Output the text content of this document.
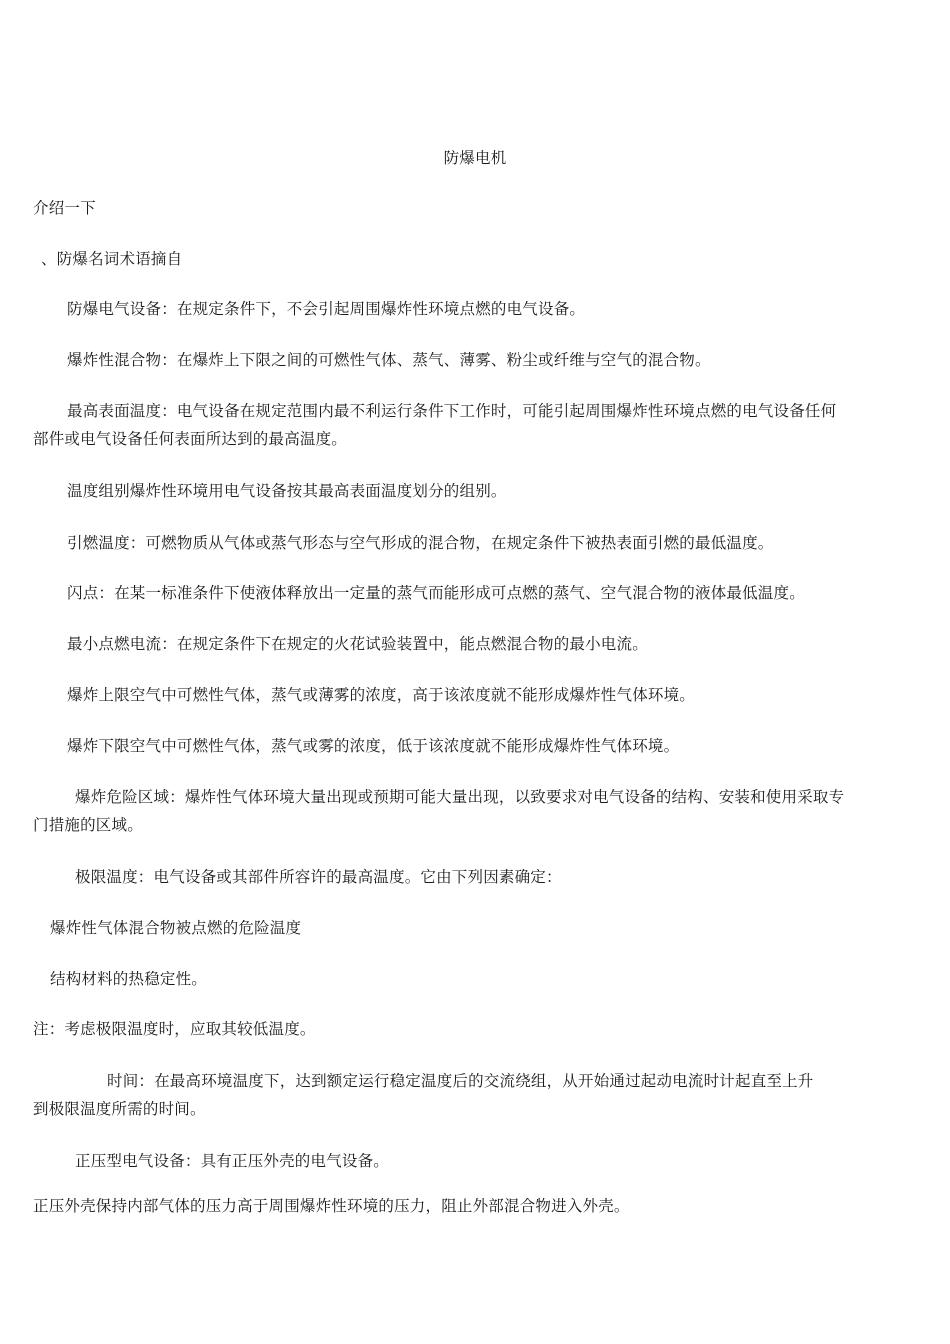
防爆电机
介绍一下
、防爆名词术语摘自
防爆电气设备：在规定条件下，不会引起周围爆炸性环境点燃的电气设备。
爆炸性混合物：在爆炸上下限之间的可燃性气体、蒸气、薄雾、粉尘或纤维与空气的混合物。
最高表面温度：电气设备在规定范围内最不利运行条件下工作时，可能引起周围爆炸性环境点燃的电气设备任何
部件或电气设备任何表面所达到的最高温度。
温度组别爆炸性环境用电气设备按其最高表面温度划分的组别。
引燃温度：可燃物质从气体或蒸气形态与空气形成的混合物，在规定条件下被热表面引燃的最低温度。
闪点：在某一标准条件下使液体释放出一定量的蒸气而能形成可点燃的蒸气、空气混合物的液体最低温度。
最小点燃电流：在规定条件下在规定的火花试验装置中，能点燃混合物的最小电流。
爆炸上限空气中可燃性气体，蒸气或薄雾的浓度，高于该浓度就不能形成爆炸性气体环境。
爆炸下限空气中可燃性气体，蒸气或雾的浓度，低于该浓度就不能形成爆炸性气体环境。
爆炸危险区域：爆炸性气体环境大量出现或预期可能大量出现，以致要求对电气设备的结构、安装和使用采取专
门措施的区域。
极限温度：电气设备或其部件所容许的最高温度。它由下列因素确定：
爆炸性气体混合物被点燃的危险温度
结构材料的热稳定性。
注：考虑极限温度时，应取其较低温度。
时间：在最高环境温度下，达到额定运行稳定温度后的交流绕组，从开始通过起动电流时计起直至上升
到极限温度所需的时间。
正压型电气设备：具有正压外壳的电气设备。
正压外壳保持内部气体的压力高于周围爆炸性环境的压力，阻止外部混合物进入外壳。
